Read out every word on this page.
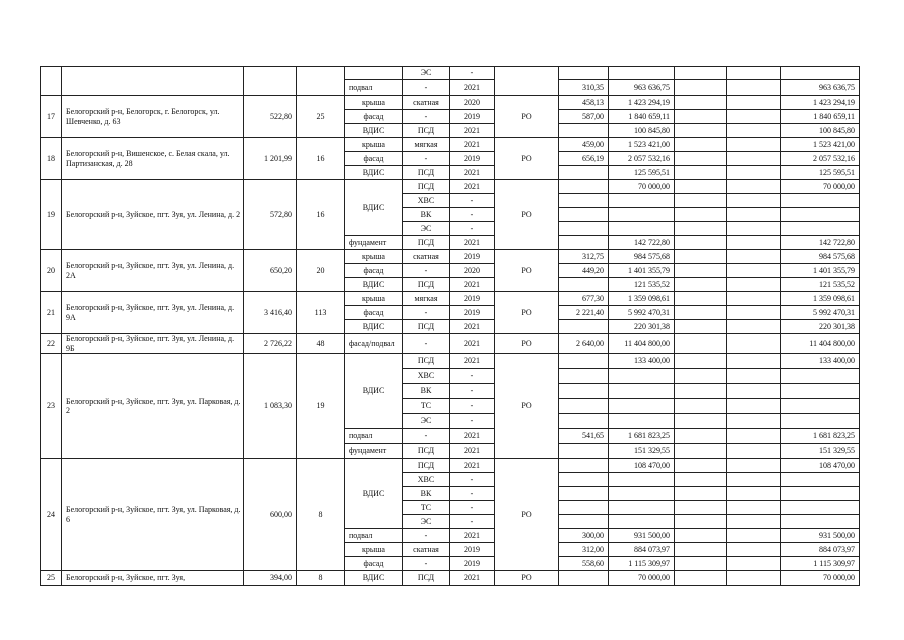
					ЭС	-						
				подвал	-	2021		310,35	963 636,75			963 636,75
17	Белогорский р-н, Белогорск, г. Белогорск, ул. Шевченко, д. 63	522,80	25	крыша	скатная	2020	РО	458,13	1 423 294,19			1 423 294,19
				фасад	-	2019		587,00	1 840 659,11			1 840 659,11
				ВДИС	ПСД	2021			100 845,80			100 845,80
18	Белогорский р-н, Вишенское, с. Белая скала, ул. Партизанская, д. 28	1 201,99	16	крыша	мягкая	2021	РО	459,00	1 523 421,00			1 523 421,00
				фасад	-	2019		656,19	2 057 532,16			2 057 532,16
				ВДИС	ПСД	2021			125 595,51			125 595,51
19	Белогорский р-н, Зуйское, пгт. Зуя, ул. Ленина, д. 2	572,80	16	ВДИС	ПСД	2021	РО		70 000,00			70 000,00
					ХВС	-						
					ВК	-						
					ЭС	-						
				фундамент	ПСД	2021			142 722,80			142 722,80
20	Белогорский р-н, Зуйское, пгт. Зуя, ул. Ленина, д. 2А	650,20	20	крыша	скатная	2019	РО	312,75	984 575,68			984 575,68
				фасад	-	2020		449,20	1 401 355,79			1 401 355,79
				ВДИС	ПСД	2021			121 535,52			121 535,52
21	Белогорский р-н, Зуйское, пгт. Зуя, ул. Ленина, д. 9А	3 416,40	113	крыша	мягкая	2019	РО	677,30	1 359 098,61			1 359 098,61
				фасад	-	2019		2 221,40	5 992 470,31			5 992 470,31
				ВДИС	ПСД	2021			220 301,38			220 301,38
22	Белогорский р-н, Зуйское, пгт. Зуя, ул. Ленина, д. 9Б	2 726,22	48	фасад/подвал	-	2021	РО	2 640,00	11 404 800,00			11 404 800,00
23	Белогорский р-н, Зуйское, пгт. Зуя, ул. Парковая, д. 2	1 083,30	19	ВДИС	ПСД	2021	РО		133 400,00			133 400,00
					ХВС	-						
					ВК	-						
					ТС	-						
					ЭС	-						
				подвал	-	2021		541,65	1 681 823,25			1 681 823,25
				фундамент	ПСД	2021			151 329,55			151 329,55
24	Белогорский р-н, Зуйское, пгт. Зуя, ул. Парковая, д. 6	600,00	8	ВДИС	ПСД	2021	РО		108 470,00			108 470,00
					ХВС	-						
					ВК	-						
					ТС	-						
					ЭС	-						
				подвал	-	2021		300,00	931 500,00			931 500,00
				крыша	скатная	2019		312,00	884 073,97			884 073,97
				фасад	-	2019		558,60	1 115 309,97			1 115 309,97
25	Белогорский р-н, Зуйское, пгт. Зуя,	394,00	8	ВДИС	ПСД	2021	РО		70 000,00			70 000,00
